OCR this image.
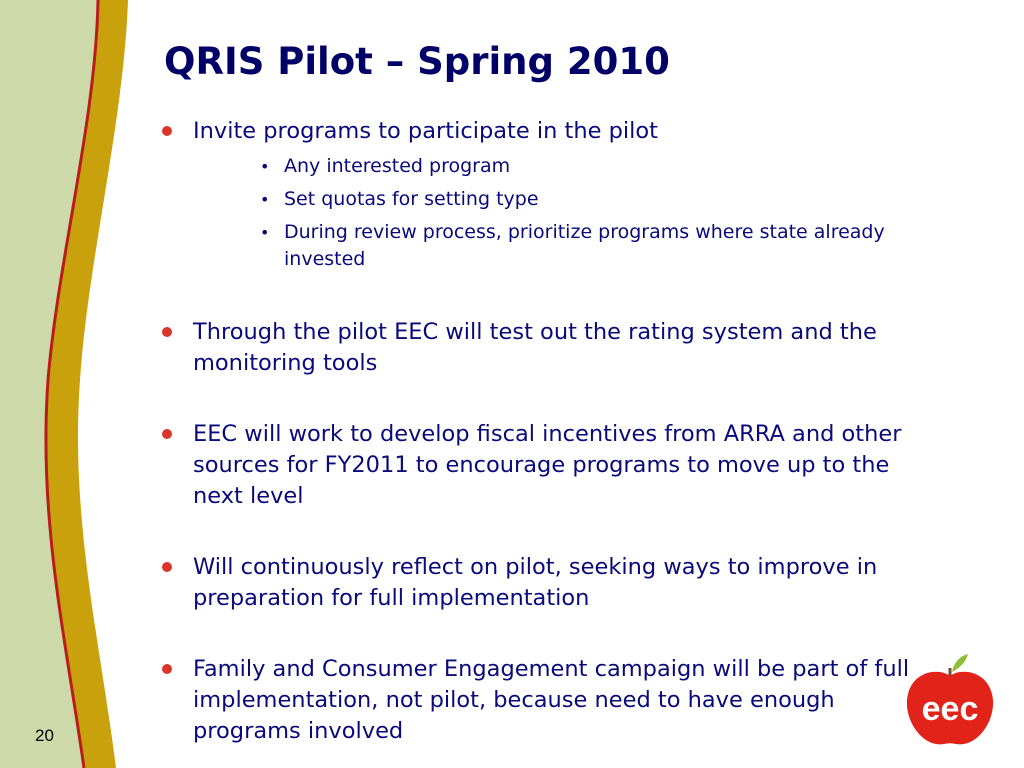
QRIS Pilot – Spring 2010
Invite programs to participate in the pilot
• Any interested program
• Set quotas for setting type
• During review process, prioritize programs where state already invested
Through the pilot EEC will test out the rating system and the monitoring tools
EEC will work to develop fiscal incentives from ARRA and other sources for FY2011 to encourage programs to move up to the next level
Will continuously reflect on pilot, seeking ways to improve in preparation for full implementation
Family and Consumer Engagement campaign will be part of full implementation, not pilot, because need to have enough programs involved
20
eec
